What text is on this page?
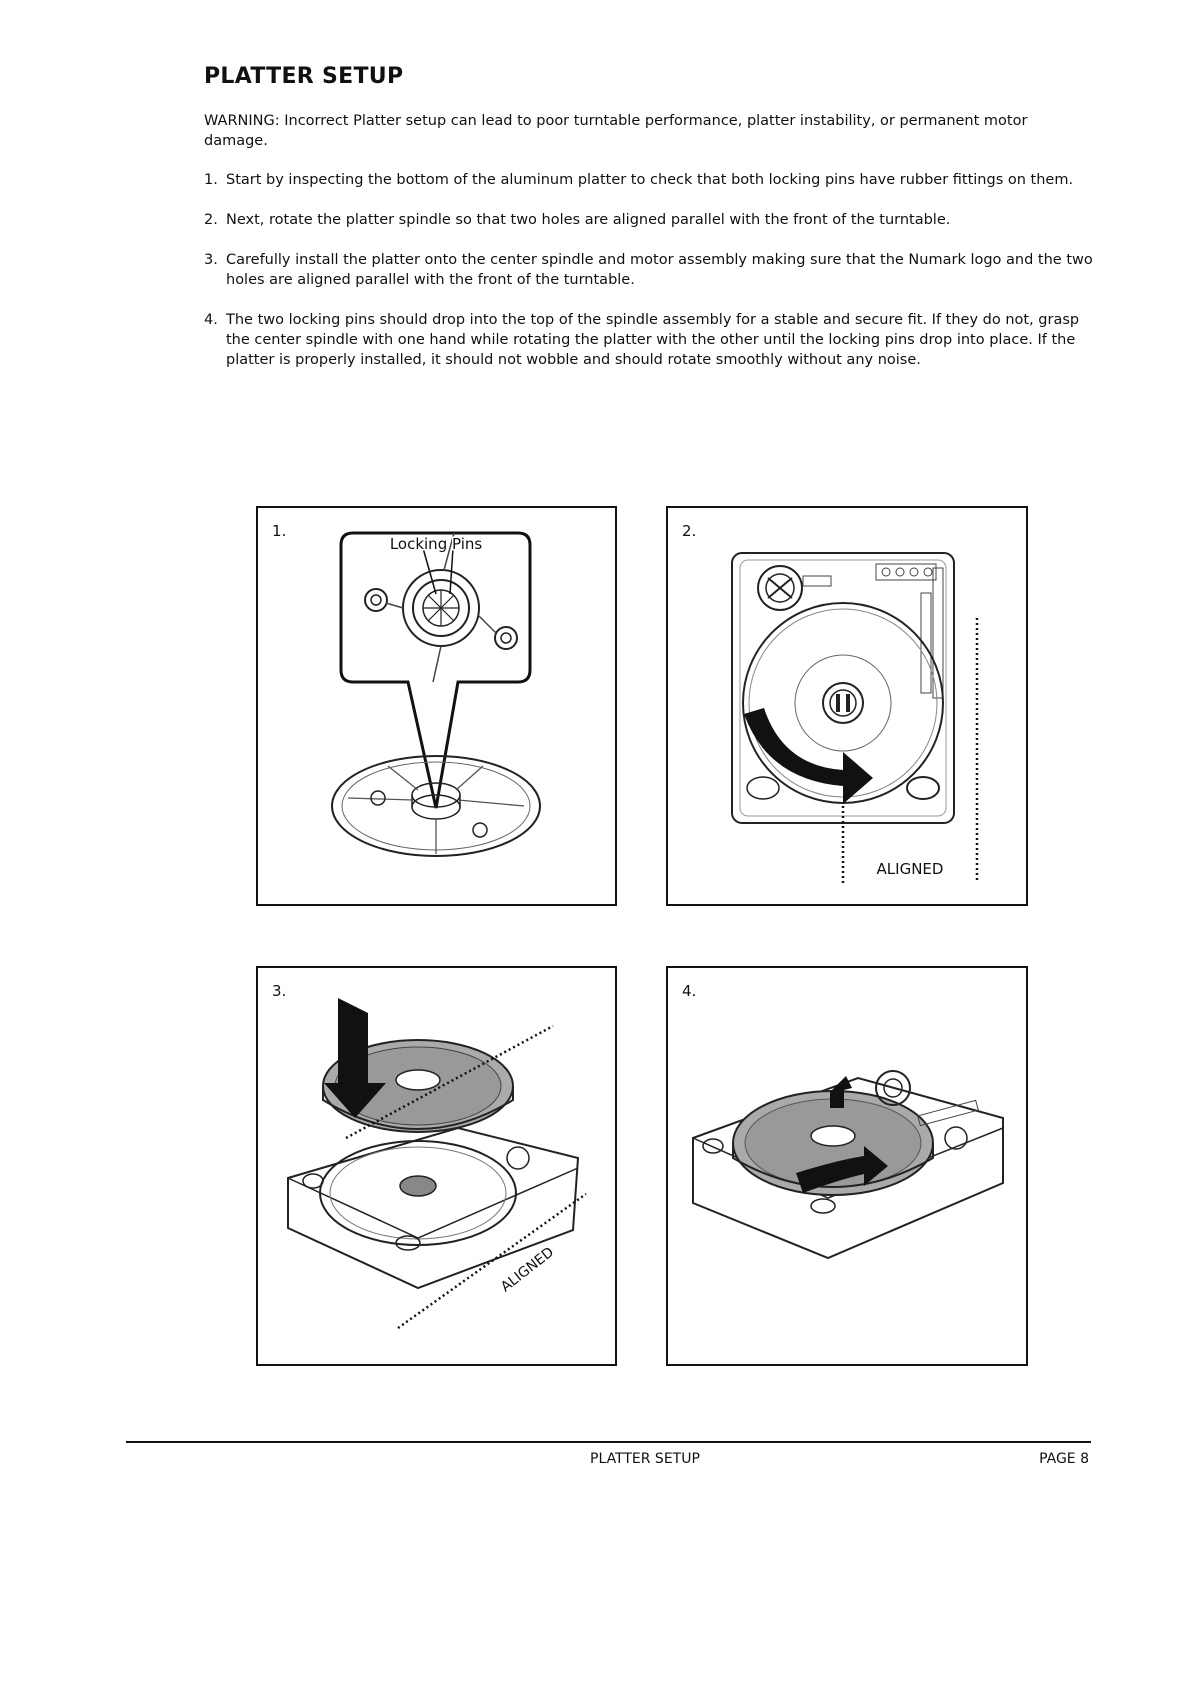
PLATTER SETUP
WARNING: Incorrect Platter setup can lead to poor turntable performance, platter instability, or permanent motor damage.
1. Start by inspecting the bottom of the aluminum platter to check that both locking pins have rubber fittings on them.
2. Next, rotate the platter spindle so that two holes are aligned parallel with the front of the turntable.
3. Carefully install the platter onto the center spindle and motor assembly making sure that the Numark logo and the two holes are aligned parallel with the front of the turntable.
4. The two locking pins should drop into the top of the spindle assembly for a stable and secure fit. If they do not, grasp the center spindle with one hand while rotating the platter with the other until the locking pins drop into place. If the platter is properly installed, it should not wobble and should rotate smoothly without any noise.
Locking Pins
1.
ALIGNED
2.
ALIGNED
3.	4.
PLATTER SETUP	PAGE 8
